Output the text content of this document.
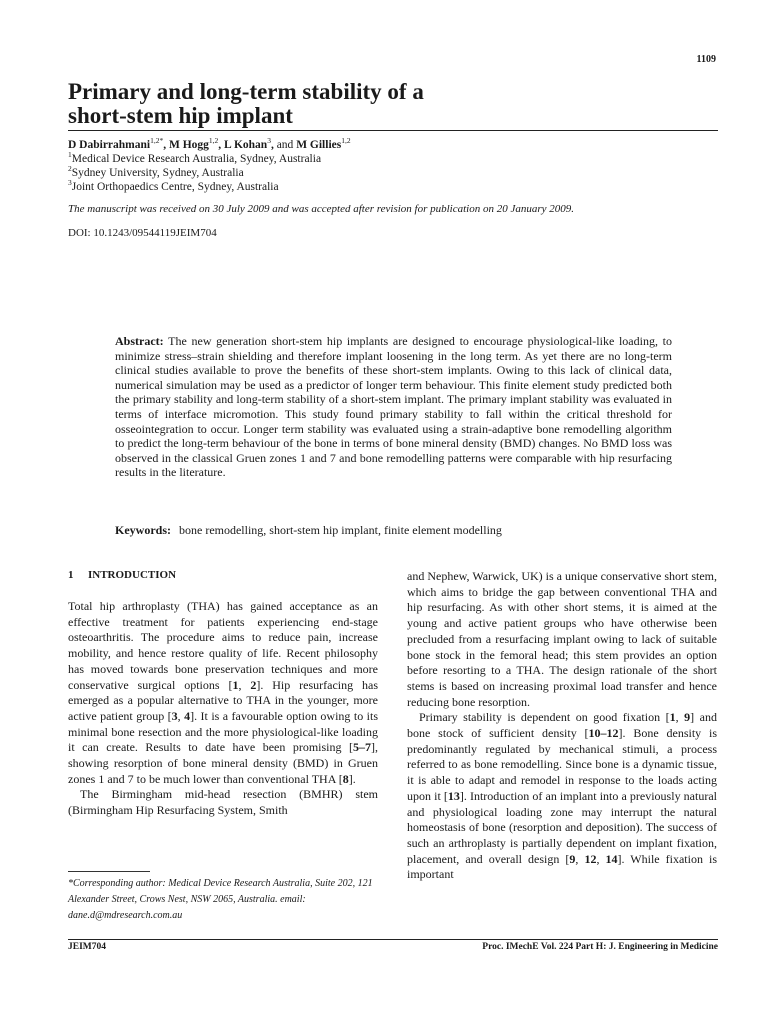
1109
Primary and long-term stability of a
short-stem hip implant
D Dabirrahmani$^{1,2*}$, M Hogg$^{1,2}$, L Kohan$^3$, and M Gillies$^{1,2}$
$^1$Medical Device Research Australia, Sydney, Australia
$^2$Sydney University, Sydney, Australia
$^3$Joint Orthopaedics Centre, Sydney, Australia
The manuscript was received on 30 July 2009 and was accepted after revision for publication on 20 January 2009.
DOI: 10.1243/09544119JEIM704

Abstract: The new generation short-stem hip implants are designed to encourage physiological-like loading, to minimize stress–strain shielding and therefore implant loosening in the long term. As yet there are no long-term clinical studies available to prove the benefits of these short-stem implants. Owing to this lack of clinical data, numerical simulation may be used as a predictor of longer term behaviour. This finite element study predicted both the primary stability and long-term stability of a short-stem implant. The primary implant stability was evaluated in terms of interface micromotion. This study found primary stability to fall within the critical threshold for osseointegration to occur. Longer term stability was evaluated using a strain-adaptive bone remodelling algorithm to predict the long-term behaviour of the bone in terms of bone mineral density (BMD) changes. No BMD loss was observed in the classical Gruen zones 1 and 7 and bone remodelling patterns were comparable with hip resurfacing results in the literature.

Keywords: bone remodelling, short-stem hip implant, finite element modelling
1 INTRODUCTION

Total hip arthroplasty (THA) has gained acceptance as an effective treatment for patients experiencing end-stage osteoarthritis. The procedure aims to reduce pain, increase mobility, and hence restore quality of life. Recent philosophy has moved towards bone preservation techniques and more conservative surgical options [1, 2]. Hip resurfacing has emerged as a popular alternative to THA in the younger, more active patient group [3, 4]. It is a favourable option owing to its minimal bone resection and the more physiological-like loading it can create. Results to date have been promising [5–7], showing resorption of bone mineral density (BMD) in Gruen zones 1 and 7 to be much lower than conventional THA [8].

The Birmingham mid-head resection (BMHR) stem (Birmingham Hip Resurfacing System, Smith

and Nephew, Warwick, UK) is a unique conservative short stem, which aims to bridge the gap between conventional THA and hip resurfacing. As with other short stems, it is aimed at the young and active patient groups who have otherwise been precluded from a resurfacing implant owing to lack of suitable bone stock in the femoral head; this stem provides an option before resorting to a THA. The design rationale of the short stems is based on increasing proximal load transfer and hence reducing bone resorption.

Primary stability is dependent on good fixation [1, 9] and bone stock of sufficient density [10–12]. Bone density is predominantly regulated by mechanical stimuli, a process referred to as bone remodelling. Since bone is a dynamic tissue, it is able to adapt and remodel in response to the loads acting upon it [13]. Introduction of an implant into a previously natural and physiological loading zone may interrupt the natural homeostasis of bone (resorption and deposition). The success of such an arthroplasty is partially dependent on implant fixation, placement, and overall design [9, 12, 14]. While fixation is important

*Corresponding author: Medical Device Research Australia, Suite 202, 121 Alexander Street, Crows Nest, NSW 2065, Australia. email: dane.d@mdresearch.com.au

JEIM704	Proc. IMechE Vol. 224 Part H: J. Engineering in Medicine
